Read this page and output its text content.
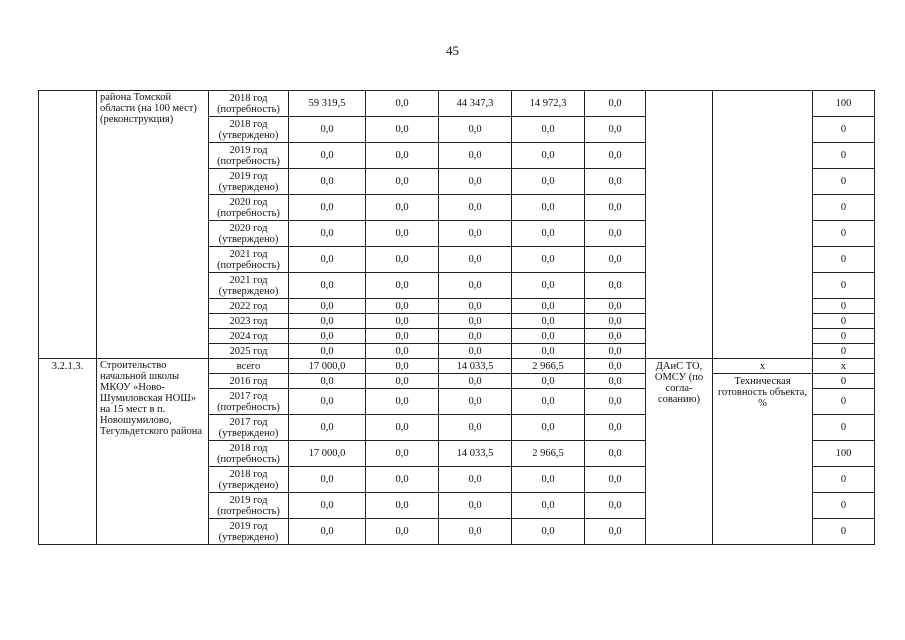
45
	района Томской области (на 100 мест) (реконструкция)	2018 год (потребность)	59 319,5	0,0	44 347,3	14 972,3	0,0			100
		2018 год (утверждено)	0,0	0,0	0,0	0,0	0,0			0
		2019 год (потребность)	0,0	0,0	0,0	0,0	0,0			0
		2019 год (утверждено)	0,0	0,0	0,0	0,0	0,0			0
		2020 год (потребность)	0,0	0,0	0,0	0,0	0,0			0
		2020 год (утверждено)	0,0	0,0	0,0	0,0	0,0			0
		2021 год (потребность)	0,0	0,0	0,0	0,0	0,0			0
		2021 год (утверждено)	0,0	0,0	0,0	0,0	0,0			0
		2022 год	0,0	0,0	0,0	0,0	0,0			0
		2023 год	0,0	0,0	0,0	0,0	0,0			0
		2024 год	0,0	0,0	0,0	0,0	0,0			0
		2025 год	0,0	0,0	0,0	0,0	0,0			0
3.2.1.3.	Строительство начальной школы МКОУ «Ново-Шумиловская НОШ» на 15 мест в п. Новошумилово, Тегульдетского района	всего	17 000,0	0,0	14 033,5	2 966,5	0,0	ДАиС ТО, ОМСУ (по согла-сованию)	x	x
		2016 год	0,0	0,0	0,0	0,0	0,0		Техническая готовность объекта, %	0
		2017 год (потребность)	0,0	0,0	0,0	0,0	0,0			0
		2017 год (утверждено)	0,0	0,0	0,0	0,0	0,0			0
		2018 год (потребность)	17 000,0	0,0	14 033,5	2 966,5	0,0			100
		2018 год (утверждено)	0,0	0,0	0,0	0,0	0,0			0
		2019 год (потребность)	0,0	0,0	0,0	0,0	0,0			0
		2019 год (утверждено)	0,0	0,0	0,0	0,0	0,0			0
